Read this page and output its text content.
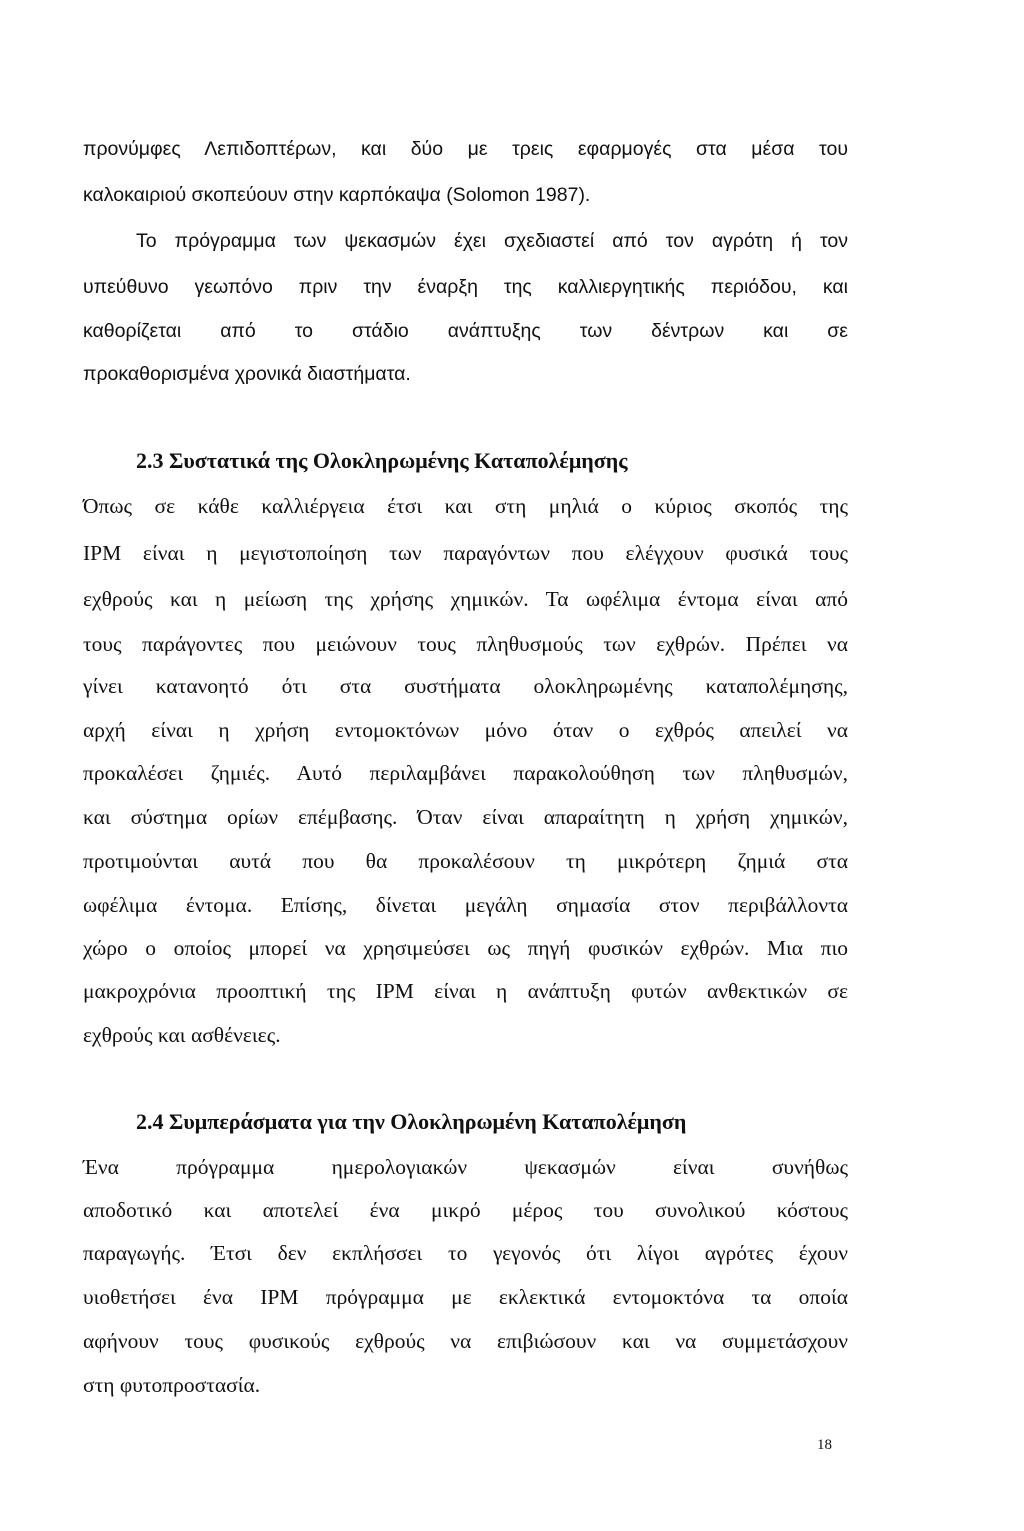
προνύμφες Λεπιδοπτέρων, και δύο με τρεις εφαρμογές στα μέσα του
καλοκαιριού σκοπεύουν στην καρπόκαψα (Solomon 1987).
Το πρόγραμμα των ψεκασμών έχει σχεδιαστεί από τον αγρότη ή τον
υπεύθυνο γεωπόνο πριν την έναρξη της καλλιεργητικής περιόδου, και
καθορίζεται από το στάδιο ανάπτυξης των δέντρων και σε
προκαθορισμένα χρονικά διαστήματα.
2.3 Συστατικά της Ολοκληρωμένης Καταπολέμησης
Όπως σε κάθε καλλιέργεια έτσι και στη μηλιά ο κύριος σκοπός της
IPM είναι η μεγιστοποίηση των παραγόντων που ελέγχουν φυσικά τους
εχθρούς και η μείωση της χρήσης χημικών. Τα ωφέλιμα έντομα είναι από
τους παράγοντες που μειώνουν τους πληθυσμούς των εχθρών. Πρέπει να
γίνει κατανοητό ότι στα συστήματα ολοκληρωμένης καταπολέμησης,
αρχή είναι η χρήση εντομοκτόνων μόνο όταν ο εχθρός απειλεί να
προκαλέσει ζημιές. Αυτό περιλαμβάνει παρακολούθηση των πληθυσμών,
και σύστημα ορίων επέμβασης. Όταν είναι απαραίτητη η χρήση χημικών,
προτιμούνται αυτά που θα προκαλέσουν τη μικρότερη ζημιά στα
ωφέλιμα έντομα. Επίσης, δίνεται μεγάλη σημασία στον περιβάλλοντα
χώρο ο οποίος μπορεί να χρησιμεύσει ως πηγή φυσικών εχθρών. Μια πιο
μακροχρόνια προοπτική της IPM είναι η ανάπτυξη φυτών ανθεκτικών σε
εχθρούς και ασθένειες.
2.4 Συμπεράσματα για την Ολοκληρωμένη Καταπολέμηση
Ένα πρόγραμμα ημερολογιακών ψεκασμών είναι συνήθως
αποδοτικό και αποτελεί ένα μικρό μέρος του συνολικού κόστους
παραγωγής. Έτσι δεν εκπλήσσει το γεγονός ότι λίγοι αγρότες έχουν
υιοθετήσει ένα IPM πρόγραμμα με εκλεκτικά εντομοκτόνα τα οποία
αφήνουν τους φυσικούς εχθρούς να επιβιώσουν και να συμμετάσχουν
στη φυτοπροστασία.
18
